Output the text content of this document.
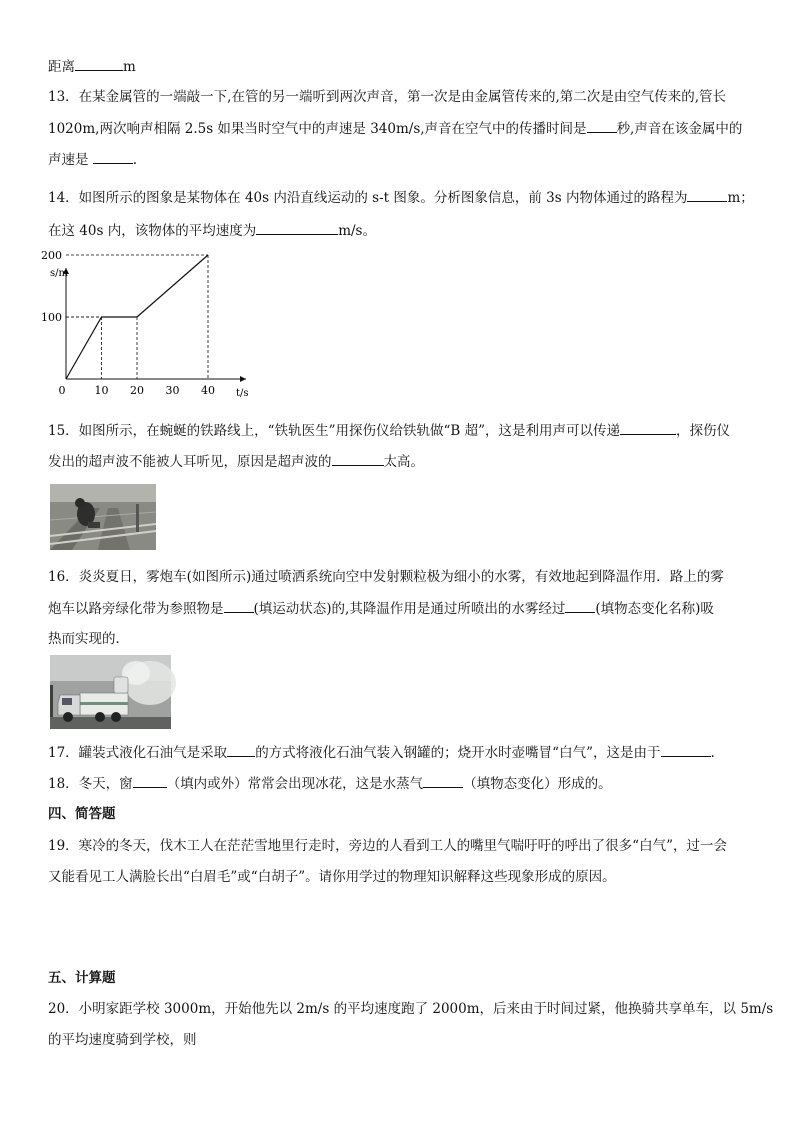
距离	m
13．在某金属管的一端敲一下,在管的另一端听到两次声音，第一次是由金属管传来的,第二次是由空气传来的,管长
1020m,两次响声相隔 2.5s 如果当时空气中的声速是 340m/s,声音在空气中的传播时间是 秒,声音在该金属中的
声速是	.
14．如图所示的图象是某物体在 40s 内沿直线运动的 s-t 图象。分析图象信息，前 3s 内物体通过的路程为	m；
在这 40s 内，该物体的平均速度为	m/s。
s/m
t/s
0	10 20 30 40
100
200
15．如图所示，在蜿蜒的铁路线上，“铁轨医生”用探伤仪给铁轨做“B 超”，这是利用声可以传递	，探伤仪
发出的超声波不能被人耳听见，原因是超声波的	太高。
16．炎炎夏日，雾炮车(如图所示)通过喷洒系统向空中发射颗粒极为细小的水雾，有效地起到降温作用．路上的雾
炮车以路旁绿化带为参照物是 (填运动状态)的,其降温作用是通过所喷出的水雾经过 (填物态变化名称)吸
热而实现的．
17．罐装式液化石油气是采取 的方式将液化石油气装入钢罐的；烧开水时壶嘴冒“白气”，这是由于	.
18．冬天，窗	（填内或外）常常会出现冰花，这是水蒸气	（填物态变化）形成的。
四、简答题
19．寒冷的冬天，伐木工人在茫茫雪地里行走时，旁边的人看到工人的嘴里气喘吁吁的呼出了很多“白气”，过一会
又能看见工人满脸长出“白眉毛”或“白胡子”。请你用学过的物理知识解释这些现象形成的原因。
五、计算题
20．小明家距学校 3000m，开始他先以 2m/s 的平均速度跑了 2000m，后来由于时间过紧，他换骑共享单车，以 5m/s
的平均速度骑到学校，则
